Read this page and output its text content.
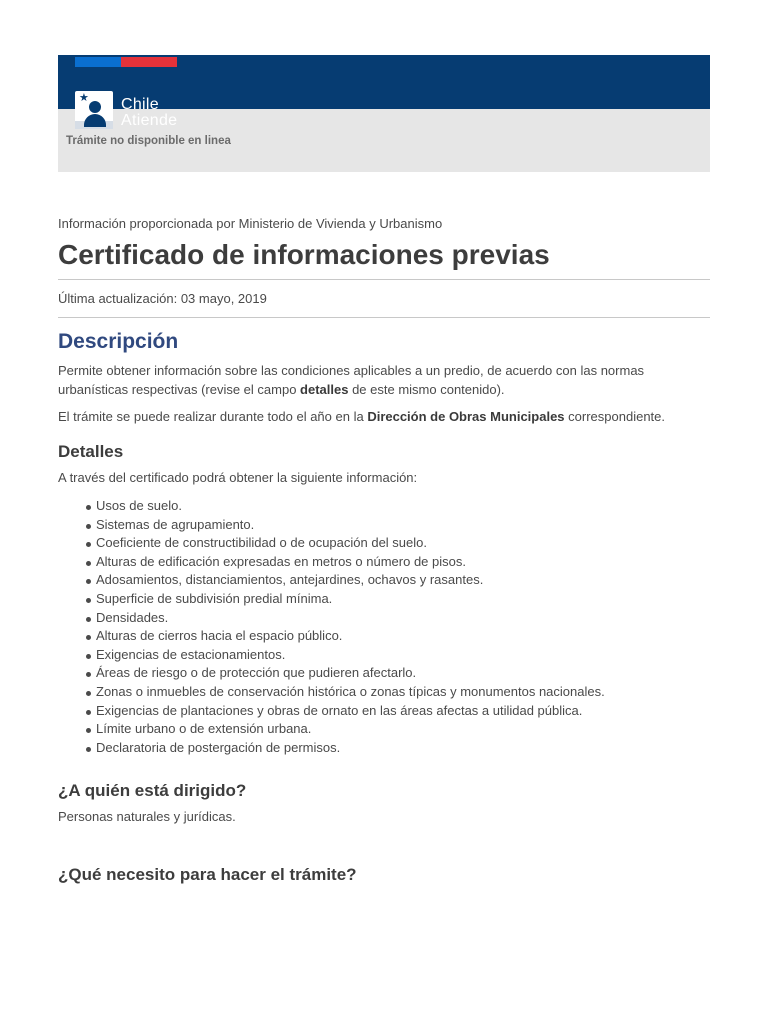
★ Chile
Atiende
Trámite no disponible en linea
Información proporcionada por Ministerio de Vivienda y Urbanismo
Certificado de informaciones previas
Última actualización: 03 mayo, 2019
Descripción

Permite obtener información sobre las condiciones aplicables a un predio, de acuerdo con las normas urbanísticas respectivas (revise el campo detalles de este mismo contenido).

El trámite se puede realizar durante todo el año en la Dirección de Obras Municipales correspondiente.

Detalles

A través del certificado podrá obtener la siguiente información:

Usos de suelo.
Sistemas de agrupamiento.
Coeficiente de constructibilidad o de ocupación del suelo.
Alturas de edificación expresadas en metros o número de pisos.
Adosamientos, distanciamientos, antejardines, ochavos y rasantes.
Superficie de subdivisión predial mínima.
Densidades.
Alturas de cierros hacia el espacio público.
Exigencias de estacionamientos.
Áreas de riesgo o de protección que pudieren afectarlo.
Zonas o inmuebles de conservación histórica o zonas típicas y monumentos nacionales.
Exigencias de plantaciones y obras de ornato en las áreas afectas a utilidad pública.
Límite urbano o de extensión urbana.
Declaratoria de postergación de permisos.
¿A quién está dirigido?

Personas naturales y jurídicas.

¿Qué necesito para hacer el trámite?
